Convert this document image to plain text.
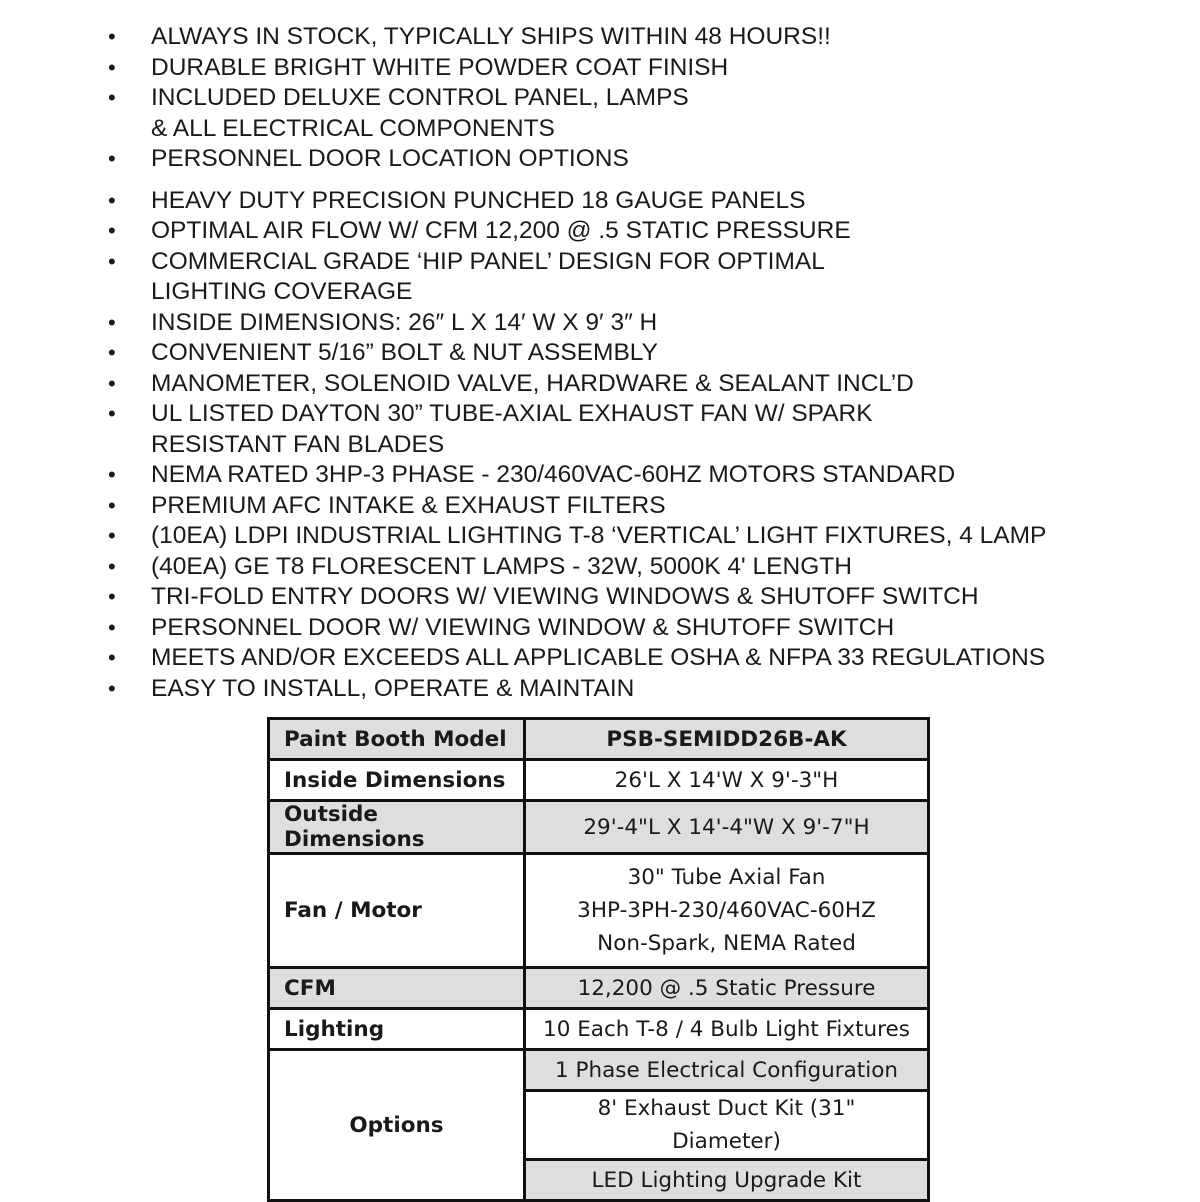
• ALWAYS IN STOCK, TYPICALLY SHIPS WITHIN 48 HOURS!!
• DURABLE BRIGHT WHITE POWDER COAT FINISH
• INCLUDED DELUXE CONTROL PANEL, LAMPS
& ALL ELECTRICAL COMPONENTS
• PERSONNEL DOOR LOCATION OPTIONS
• HEAVY DUTY PRECISION PUNCHED 18 GAUGE PANELS
• OPTIMAL AIR FLOW W/ CFM 12,200 @ .5 STATIC PRESSURE
• COMMERCIAL GRADE ‘HIP PANEL’ DESIGN FOR OPTIMAL
LIGHTING COVERAGE
• INSIDE DIMENSIONS: 26″ L X 14′ W X 9′ 3″ H
• CONVENIENT 5/16” BOLT & NUT ASSEMBLY
• MANOMETER, SOLENOID VALVE, HARDWARE & SEALANT INCL’D
• UL LISTED DAYTON 30” TUBE-AXIAL EXHAUST FAN W/ SPARK
RESISTANT FAN BLADES
• NEMA RATED 3HP-3 PHASE - 230/460VAC-60HZ MOTORS STANDARD
• PREMIUM AFC INTAKE & EXHAUST FILTERS
• (10EA) LDPI INDUSTRIAL LIGHTING T-8 ‘VERTICAL’ LIGHT FIXTURES, 4 LAMP
• (40EA) GE T8 FLORESCENT LAMPS - 32W, 5000K 4' LENGTH
• TRI-FOLD ENTRY DOORS W/ VIEWING WINDOWS & SHUTOFF SWITCH
• PERSONNEL DOOR W/ VIEWING WINDOW & SHUTOFF SWITCH
• MEETS AND/OR EXCEEDS ALL APPLICABLE OSHA & NFPA 33 REGULATIONS
• EASY TO INSTALL, OPERATE & MAINTAIN
Paint Booth Model	PSB-SEMIDD26B-AK
Inside Dimensions	26'L X 14'W X 9'-3"H
Outside Dimensions	29'-4"L X 14'-4"W X 9'-7"H
Fan / Motor	30" Tube Axial Fan
3HP-3PH-230/460VAC-60HZ
Non-Spark, NEMA Rated

CFM	12,200 @ .5 Static Pressure
Lighting	10 Each T-8 / 4 Bulb Light Fixtures
Options	1 Phase Electrical Configuration
	8' Exhaust Duct Kit (31" Diameter)
	LED Lighting Upgrade Kit
